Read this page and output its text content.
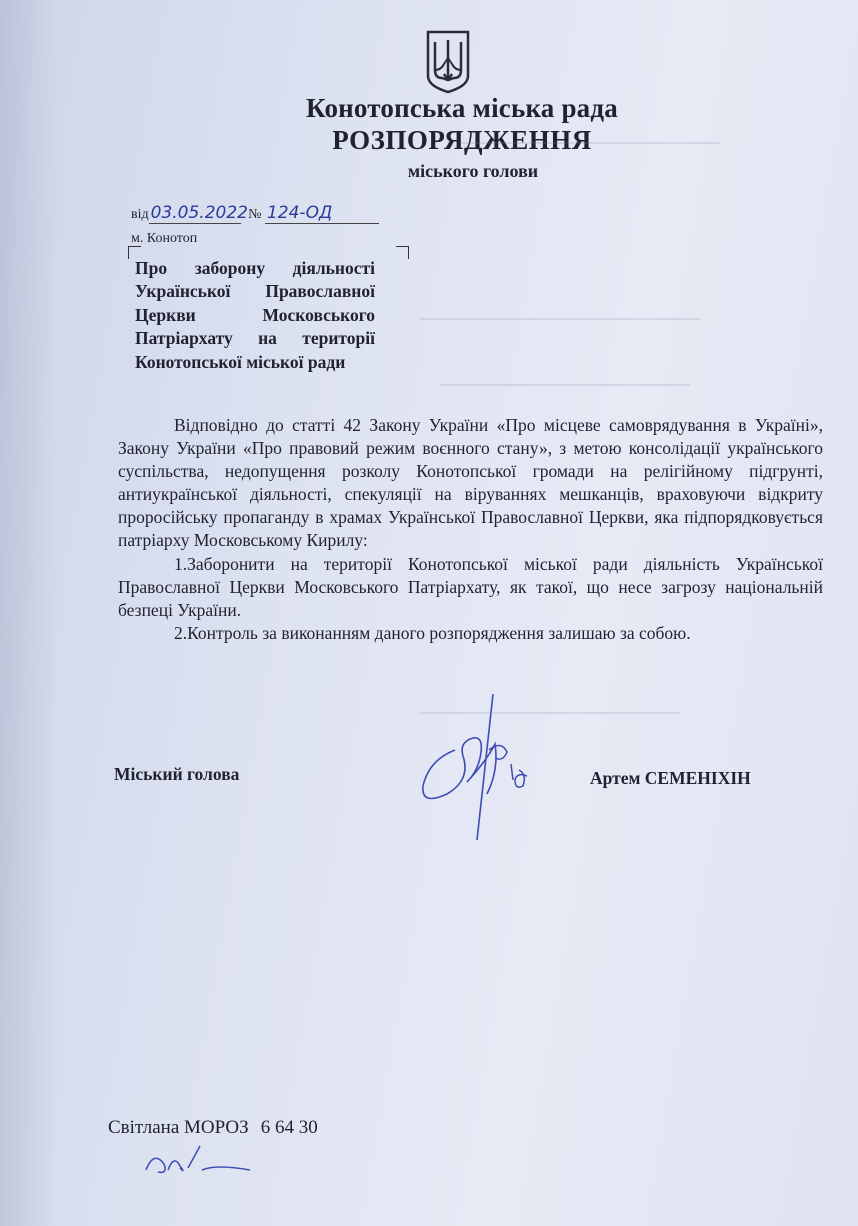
Конотопська міська рада
РОЗПОРЯДЖЕННЯ
міського голови
від 03.05.2022 № 124-ОД
м. Конотоп
Про заборону діяльності Української Православної Церкви Московського Патріархату на території Конотопської міської ради

Відповідно до статті 42 Закону України «Про місцеве самоврядування в Україні», Закону України «Про правовий режим воєнного стану», з метою консолідації українського суспільства, недопущення розколу Конотопської громади на релігійному підгрунті, антиукраїнської діяльності, спекуляції на віруваннях мешканців, враховуючи відкриту проросійську пропаганду в храмах Української Православної Церкви, яка підпорядковується патріарху Московському Кирилу:

1.Заборонити на території Конотопської міської ради діяльність Української Православної Церкви Московського Патріархату, як такої, що несе загрозу національній безпеці України.

2.Контроль за виконанням даного розпорядження залишаю за собою.

Міський голова	Артем СЕМЕНІХІН
Світлана МОРОЗ 6 64 30
